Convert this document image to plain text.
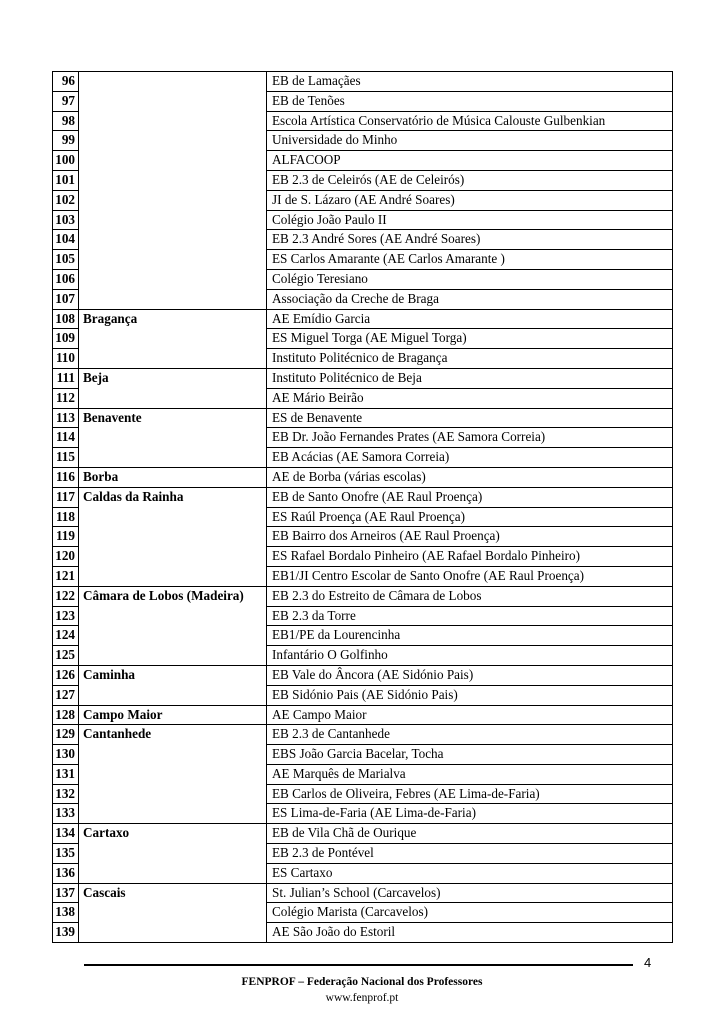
96		EB de Lamaçães
97		EB de Tenões
98		Escola Artística Conservatório de Música Calouste Gulbenkian
99		Universidade do Minho
100		ALFACOOP
101		EB 2.3 de Celeirós (AE de Celeirós)
102		JI de S. Lázaro (AE André Soares)
103		Colégio João Paulo II
104		EB 2.3 André Sores (AE André Soares)
105		ES Carlos Amarante (AE Carlos Amarante )
106		Colégio Teresiano
107		Associação da Creche de Braga
108	Bragança	AE Emídio Garcia
109		ES Miguel Torga (AE Miguel Torga)
110		Instituto Politécnico de Bragança
111	Beja	Instituto Politécnico de Beja
112		AE Mário Beirão
113	Benavente	ES de Benavente
114		EB Dr. João Fernandes Prates (AE Samora Correia)
115		EB Acácias (AE Samora Correia)
116	Borba	AE de Borba (várias escolas)
117	Caldas da Rainha	EB de Santo Onofre (AE Raul Proença)
118		ES Raúl Proença (AE Raul Proença)
119		EB Bairro dos Arneiros (AE Raul Proença)
120		ES Rafael Bordalo Pinheiro (AE Rafael Bordalo Pinheiro)
121		EB1/JI Centro Escolar de Santo Onofre (AE Raul Proença)
122	Câmara de Lobos (Madeira)	EB 2.3 do Estreito de Câmara de Lobos
123		EB 2.3 da Torre
124		EB1/PE da Lourencinha
125		Infantário O Golfinho
126	Caminha	EB Vale do Âncora (AE Sidónio Pais)
127		EB Sidónio Pais (AE Sidónio Pais)
128	Campo Maior	AE Campo Maior
129	Cantanhede	EB 2.3 de Cantanhede
130		EBS João Garcia Bacelar, Tocha
131		AE Marquês de Marialva
132		EB Carlos de Oliveira, Febres (AE Lima-de-Faria)
133		ES Lima-de-Faria (AE Lima-de-Faria)
134	Cartaxo	EB de Vila Chã de Ourique
135		EB 2.3 de Pontével
136		ES Cartaxo
137	Cascais	St. Julian’s School (Carcavelos)
138		Colégio Marista (Carcavelos)
139		AE São João do Estoril
4
FENPROF – Federação Nacional dos Professores
www.fenprof.pt
